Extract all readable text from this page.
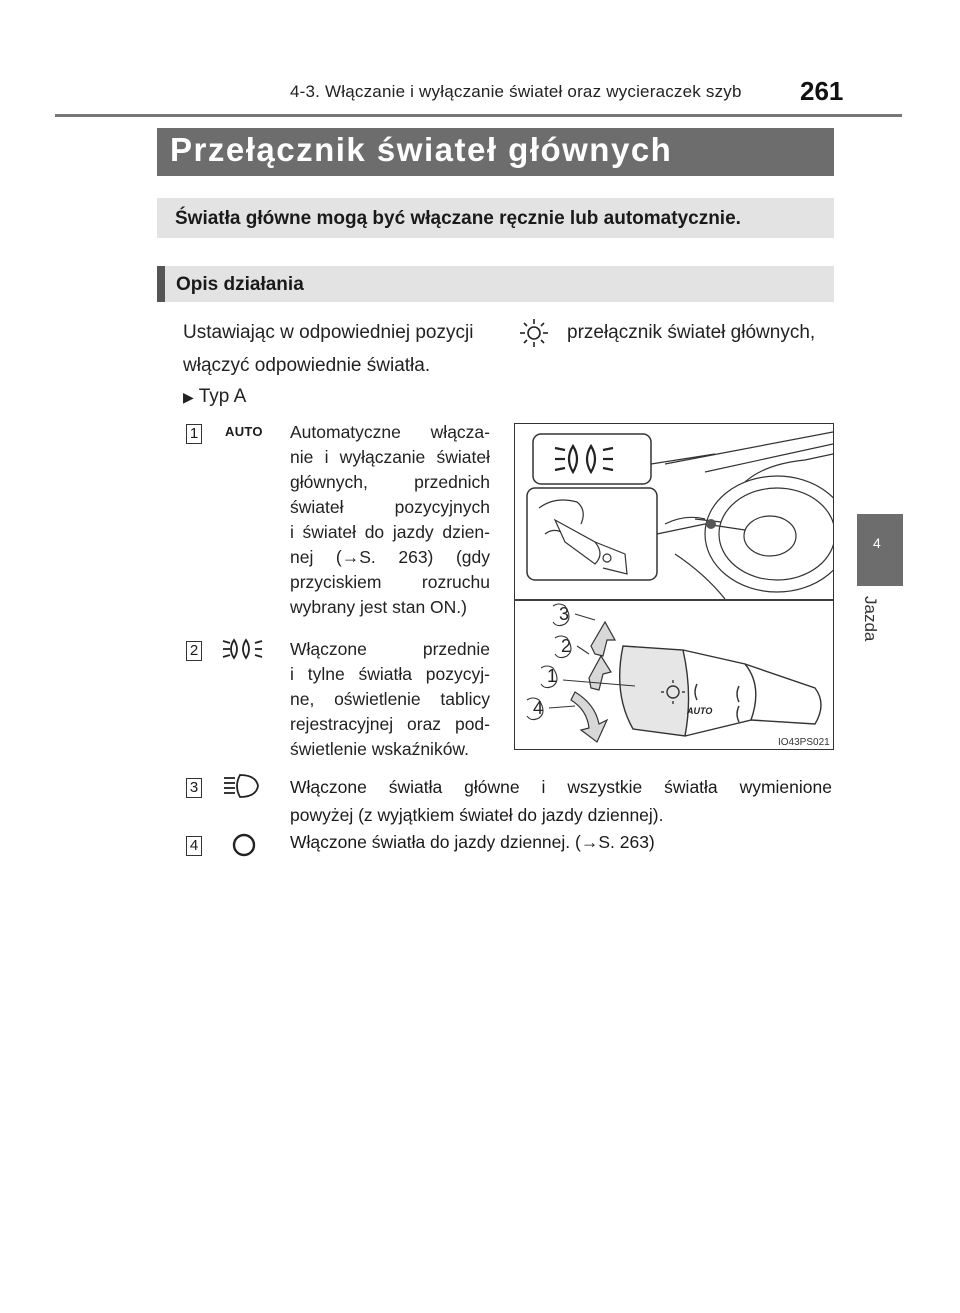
4-3. Włączanie i wyłączanie świateł oraz wycieraczek szyb 261
Przełącznik świateł głównych
Światła główne mogą być włączane ręcznie lub automatycznie.
Opis działania
Ustawiając w odpowiedniej pozycji	przełącznik świateł głównych,
włączyć odpowiednie światła.
▶ Typ A
1 AUTO Automatyczne włącza-
nie i wyłączanie świateł
głównych, przednich
świateł pozycyjnych
i świateł do jazdy dzien-
nej (→S. 263) (gdy
przyciskiem rozruchu
wybrany jest stan ON.)
2	Włączone przednie
i tylne światła pozycyj-
ne, oświetlenie tablicy
rejestracyjnej oraz pod-
świetlenie wskaźników.
3	Włączone światła główne i wszystkie światła wymienione
powyżej (z wyjątkiem świateł do jazdy dziennej).
4	Włączone światła do jazdy dziennej. (→S. 263)
AUTO
3
2
1
4
IO43PS021
4
Jazda
